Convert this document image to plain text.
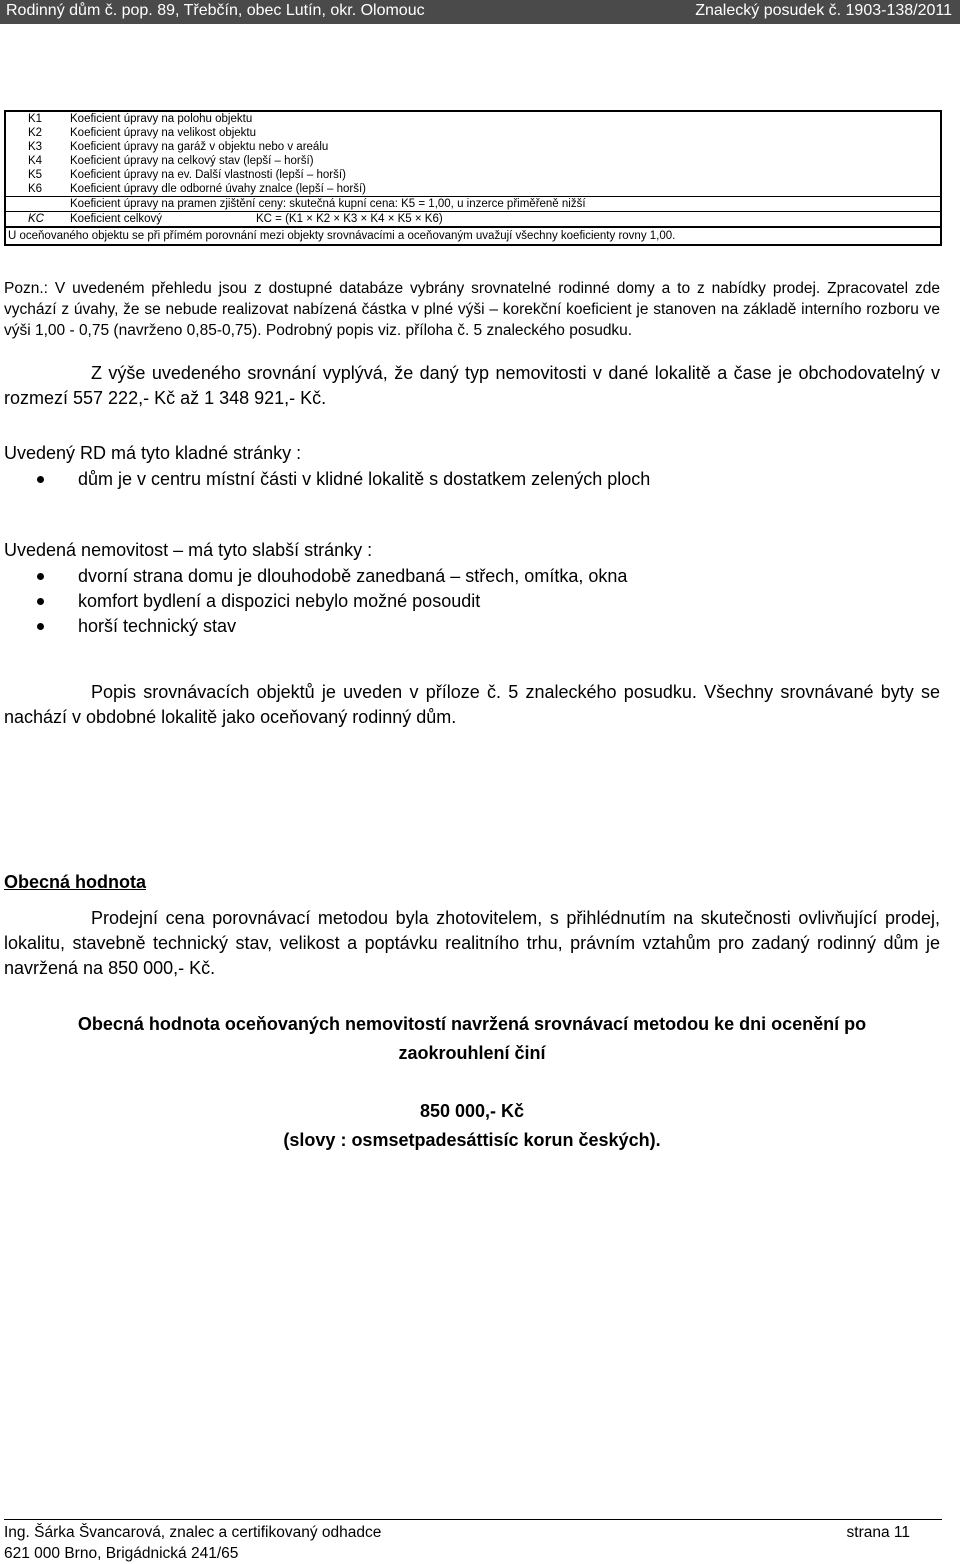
Rodinný dům č. pop. 89, Třebčín, obec Lutín, okr. Olomouc	Znalecký posudek č. 1903-138/2011
K1 Koeficient úpravy na polohu objektu
K2 Koeficient úpravy na velikost objektu
K3 Koeficient úpravy na garáž v objektu nebo v areálu
K4 Koeficient úpravy na celkový stav (lepší – horší)
K5 Koeficient úpravy na ev. Další vlastnosti (lepší – horší)
K6 Koeficient úpravy dle odborné úvahy znalce (lepší – horší)
Koeficient úpravy na pramen zjištění ceny: skutečná kupní cena: K5 = 1,00, u inzerce přiměřeně nižší
KC Koeficient celkový	KC = (K1 × K2 × K3 × K4 × K5 × K6)
U oceňovaného objektu se při přímém porovnání mezi objekty srovnávacími a oceňovaným uvažují všechny koeficienty rovny 1,00.
Pozn.: V uvedeném přehledu jsou z dostupné databáze vybrány srovnatelné rodinné domy a to z nabídky prodej. Zpracovatel zde vychází z úvahy, že se nebude realizovat nabízená částka v plné výši – korekční koeficient je stanoven na základě interního rozboru ve výši 1,00 - 0,75 (navrženo 0,85-0,75). Podrobný popis viz. příloha č. 5 znaleckého posudku.
Z výše uvedeného srovnání vyplývá, že daný typ nemovitosti v dané lokalitě a čase je obchodovatelný v rozmezí 557 222,- Kč až 1 348 921,- Kč.
Uvedený RD má tyto kladné stránky :
dům je v centru místní části v klidné lokalitě s dostatkem zelených ploch
Uvedená nemovitost – má tyto slabší stránky :
dvorní strana domu je dlouhodobě zanedbaná – střech, omítka, okna
komfort bydlení a dispozici nebylo možné posoudit
horší technický stav
Popis srovnávacích objektů je uveden v příloze č. 5 znaleckého posudku. Všechny srovnávané byty se nachází v obdobné lokalitě jako oceňovaný rodinný dům.
Obecná hodnota
Prodejní cena porovnávací metodou byla zhotovitelem, s přihlédnutím na skutečnosti ovlivňující prodej, lokalitu, stavebně technický stav, velikost a poptávku realitního trhu, právním vztahům pro zadaný rodinný dům je navržená na 850 000,- Kč.
Obecná hodnota oceňovaných nemovitostí navržená srovnávací metodou ke dni ocenění po
zaokrouhlení činí
850 000,- Kč
(slovy : osmsetpadesáttisíc korun českých).
Ing. Šárka Švancarová, znalec a certifikovaný odhadce
621 000 Brno, Brigádnická 241/65
strana 11
